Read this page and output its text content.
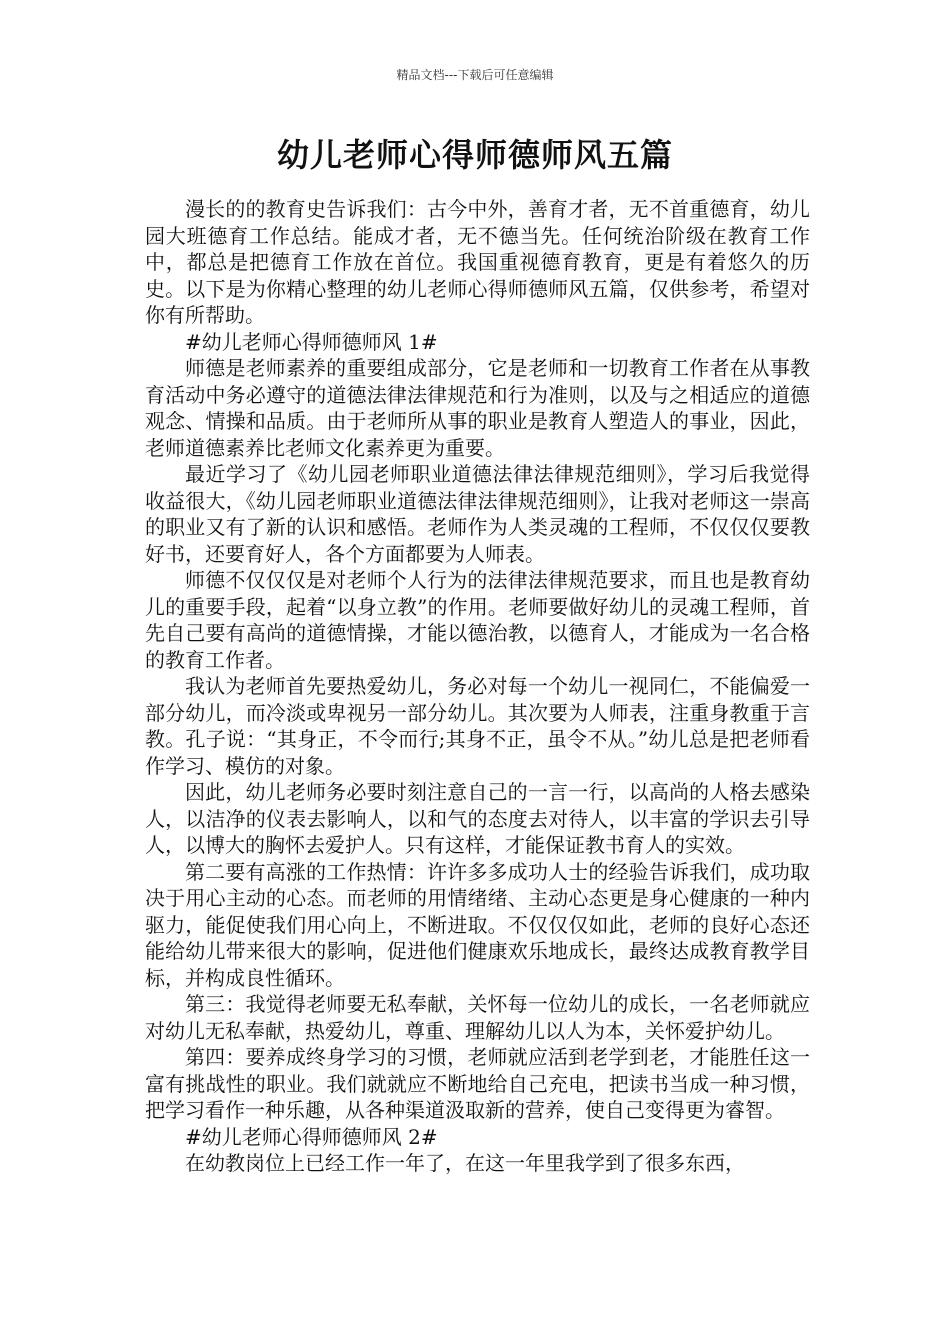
精品文档---下载后可任意编辑
幼儿老师心得师德师风五篇

漫长的的教育史告诉我们：古今中外，善育才者，无不首重德育，幼儿园大班德育工作总结。能成才者，无不德当先。任何统治阶级在教育工作中，都总是把德育工作放在首位。我国重视德育教育，更是有着悠久的历史。以下是为你精心整理的幼儿老师心得师德师风五篇，仅供参考，希望对你有所帮助。

#幼儿老师心得师德师风 1#

师德是老师素养的重要组成部分，它是老师和一切教育工作者在从事教育活动中务必遵守的道德法律法律规范和行为准则，以及与之相适应的道德观念、情操和品质。由于老师所从事的职业是教育人塑造人的事业，因此，老师道德素养比老师文化素养更为重要。

最近学习了《幼儿园老师职业道德法律法律规范细则》，学习后我觉得收益很大，《幼儿园老师职业道德法律法律规范细则》，让我对老师这一崇高的职业又有了新的认识和感悟。老师作为人类灵魂的工程师，不仅仅仅要教好书，还要育好人，各个方面都要为人师表。

师德不仅仅仅是对老师个人行为的法律法律规范要求，而且也是教育幼儿的重要手段，起着“以身立教”的作用。老师要做好幼儿的灵魂工程师，首先自己要有高尚的道德情操，才能以德治教，以德育人，才能成为一名合格的教育工作者。

我认为老师首先要热爱幼儿，务必对每一个幼儿一视同仁，不能偏爱一部分幼儿，而冷淡或卑视另一部分幼儿。其次要为人师表，注重身教重于言教。孔子说：“其身正，不令而行;其身不正，虽令不从。”幼儿总是把老师看作学习、模仿的对象。

因此，幼儿老师务必要时刻注意自己的一言一行，以高尚的人格去感染人，以洁净的仪表去影响人，以和气的态度去对待人，以丰富的学识去引导人，以博大的胸怀去爱护人。只有这样，才能保证教书育人的实效。

第二要有高涨的工作热情：许许多多成功人士的经验告诉我们，成功取决于用心主动的心态。而老师的用情绪绪、主动心态更是身心健康的一种内驱力，能促使我们用心向上，不断进取。不仅仅仅如此，老师的良好心态还能给幼儿带来很大的影响，促进他们健康欢乐地成长，最终达成教育教学目标，并构成良性循环。

第三：我觉得老师要无私奉献，关怀每一位幼儿的成长，一名老师就应对幼儿无私奉献，热爱幼儿，尊重、理解幼儿以人为本，关怀爱护幼儿。

第四：要养成终身学习的习惯，老师就应活到老学到老，才能胜任这一富有挑战性的职业。我们就就应不断地给自己充电，把读书当成一种习惯，把学习看作一种乐趣，从各种渠道汲取新的营养，使自己变得更为睿智。

#幼儿老师心得师德师风 2#

在幼教岗位上已经工作一年了，在这一年里我学到了很多东西，
